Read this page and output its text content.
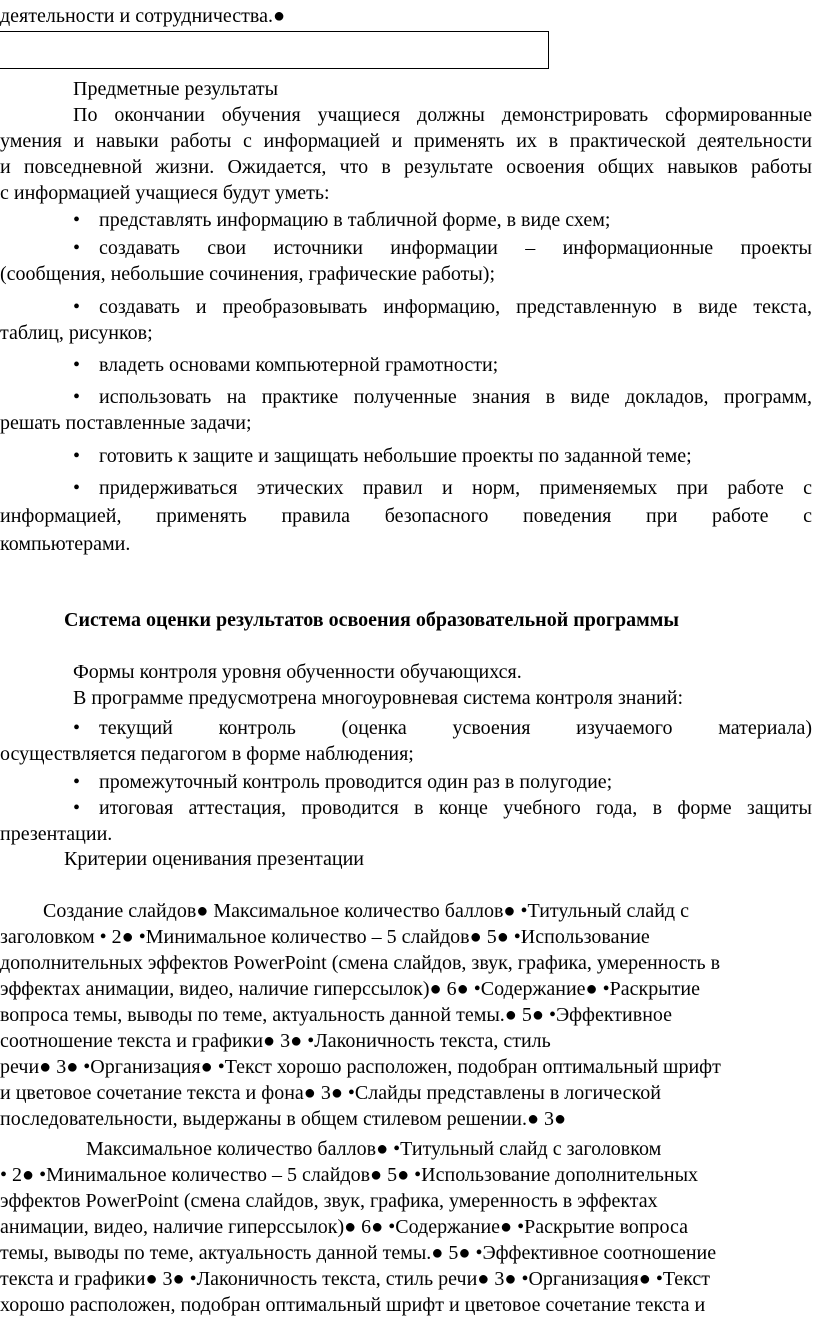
деятельности и сотрудничества.●
Предметные результаты
По окончании обучения учащиеся должны демонстрировать сформированные
умения и навыки работы с информацией и применять их в практической деятельности
и повседневной жизни. Ожидается, что в результате освоения общих навыков работы
с информацией учащиеся будут уметь:
• представлять информацию в табличной форме, в виде схем;
• создавать свои источники информации – информационные проекты
(сообщения, небольшие сочинения, графические работы);
• создавать и преобразовывать информацию, представленную в виде текста,
таблиц, рисунков;
• владеть основами компьютерной грамотности;
• использовать на практике полученные знания в виде докладов, программ,
решать поставленные задачи;
• готовить к защите и защищать небольшие проекты по заданной теме;
• придерживаться этических правил и норм, применяемых при работе с
информацией, применять правила безопасного поведения при работе с
компьютерами.
Система оценки результатов освоения образовательной программы
Формы контроля уровня обученности обучающихся.
В программе предусмотрена многоуровневая система контроля знаний:
• текущий контроль (оценка усвоения изучаемого материала)
осуществляется педагогом в форме наблюдения;
• промежуточный контроль проводится один раз в полугодие;
• итоговая аттестация, проводится в конце учебного года, в форме защиты
презентации.
Критерии оценивания презентации
Создание слайдов● Максимальное количество баллов● •Титульный слайд с
заголовком • 2● •Минимальное количество – 5 слайдов● 5● •Использование
дополнительных эффектов PowerPoint (смена слайдов, звук, графика, умеренность в
эффектах анимации, видео, наличие гиперссылок)● 6● •Содержание● •Раскрытие
вопроса темы, выводы по теме, актуальность данной темы.● 5● •Эффективное
соотношение текста и графики● 3● •Лаконичность текста, стиль
речи● 3● •Организация● •Текст хорошо расположен, подобран оптимальный шрифт
и цветовое сочетание текста и фона● 3● •Слайды представлены в логической
последовательности, выдержаны в общем стилевом решении.● 3●
Максимальное количество баллов● •Титульный слайд с заголовком
• 2● •Минимальное количество – 5 слайдов● 5● •Использование дополнительных
эффектов PowerPoint (смена слайдов, звук, графика, умеренность в эффектах
анимации, видео, наличие гиперссылок)● 6● •Содержание● •Раскрытие вопроса
темы, выводы по теме, актуальность данной темы.● 5● •Эффективное соотношение
текста и графики● 3● •Лаконичность текста, стиль речи● 3● •Организация● •Текст
хорошо расположен, подобран оптимальный шрифт и цветовое сочетание текста и
